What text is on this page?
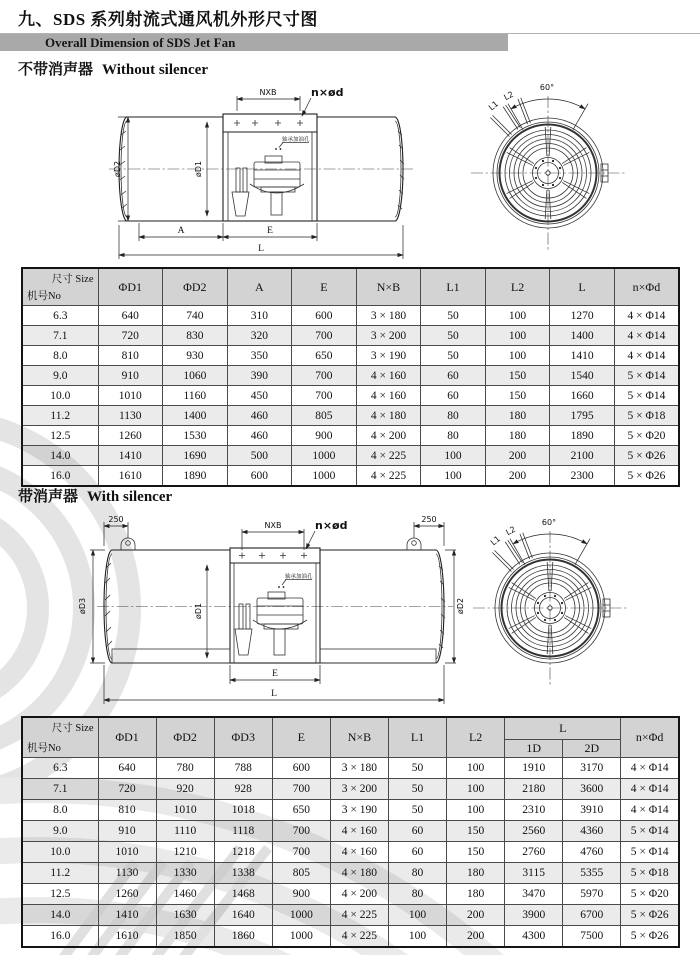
九、SDS 系列射流式通风机外形尺寸图
Overall Dimension of SDS Jet Fan
不带消声器 Without silencer
轴承加油孔
NXB	n×ød
øD2	øD1
A	E
L
60°
L1
L2
尺寸 Size
机号No	ΦD1	ΦD2	A	E	N×B	L1	L2	L	n×Φd
6.3	640	740	310	600	3 × 180	50	100	1270	4 × Φ14
7.1	720	830	320	700	3 × 200	50	100	1400	4 × Φ14
8.0	810	930	350	650	3 × 190	50	100	1410	4 × Φ14
9.0	910	1060	390	700	4 × 160	60	150	1540	5 × Φ14
10.0	1010	1160	450	700	4 × 160	60	150	1660	5 × Φ14
11.2	1130	1400	460	805	4 × 180	80	180	1795	5 × Φ18
12.5	1260	1530	460	900	4 × 200	80	180	1890	5 × Φ20
14.0	1410	1690	500	1000	4 × 225	100	200	2100	5 × Φ26
16.0	1610	1890	600	1000	4 × 225	100	200	2300	5 × Φ26
带消声器 With silencer
轴承加油孔
250	250
NXB	n×ød
øD3	øD2
øD1
E
L
60°
L1
L2
尺寸 Size
机号No	ΦD1	ΦD2	ΦD3	E	N×B	L1	L2	L		n×Φd
								1D	2D	
6.3	640	780	788	600	3 × 180	50	100	1910	3170	4 × Φ14
7.1	720	920	928	700	3 × 200	50	100	2180	3600	4 × Φ14
8.0	810	1010	1018	650	3 × 190	50	100	2310	3910	4 × Φ14
9.0	910	1110	1118	700	4 × 160	60	150	2560	4360	5 × Φ14
10.0	1010	1210	1218	700	4 × 160	60	150	2760	4760	5 × Φ14
11.2	1130	1330	1338	805	4 × 180	80	180	3115	5355	5 × Φ18
12.5	1260	1460	1468	900	4 × 200	80	180	3470	5970	5 × Φ20
14.0	1410	1630	1640	1000	4 × 225	100	200	3900	6700	5 × Φ26
16.0	1610	1850	1860	1000	4 × 225	100	200	4300	7500	5 × Φ26
